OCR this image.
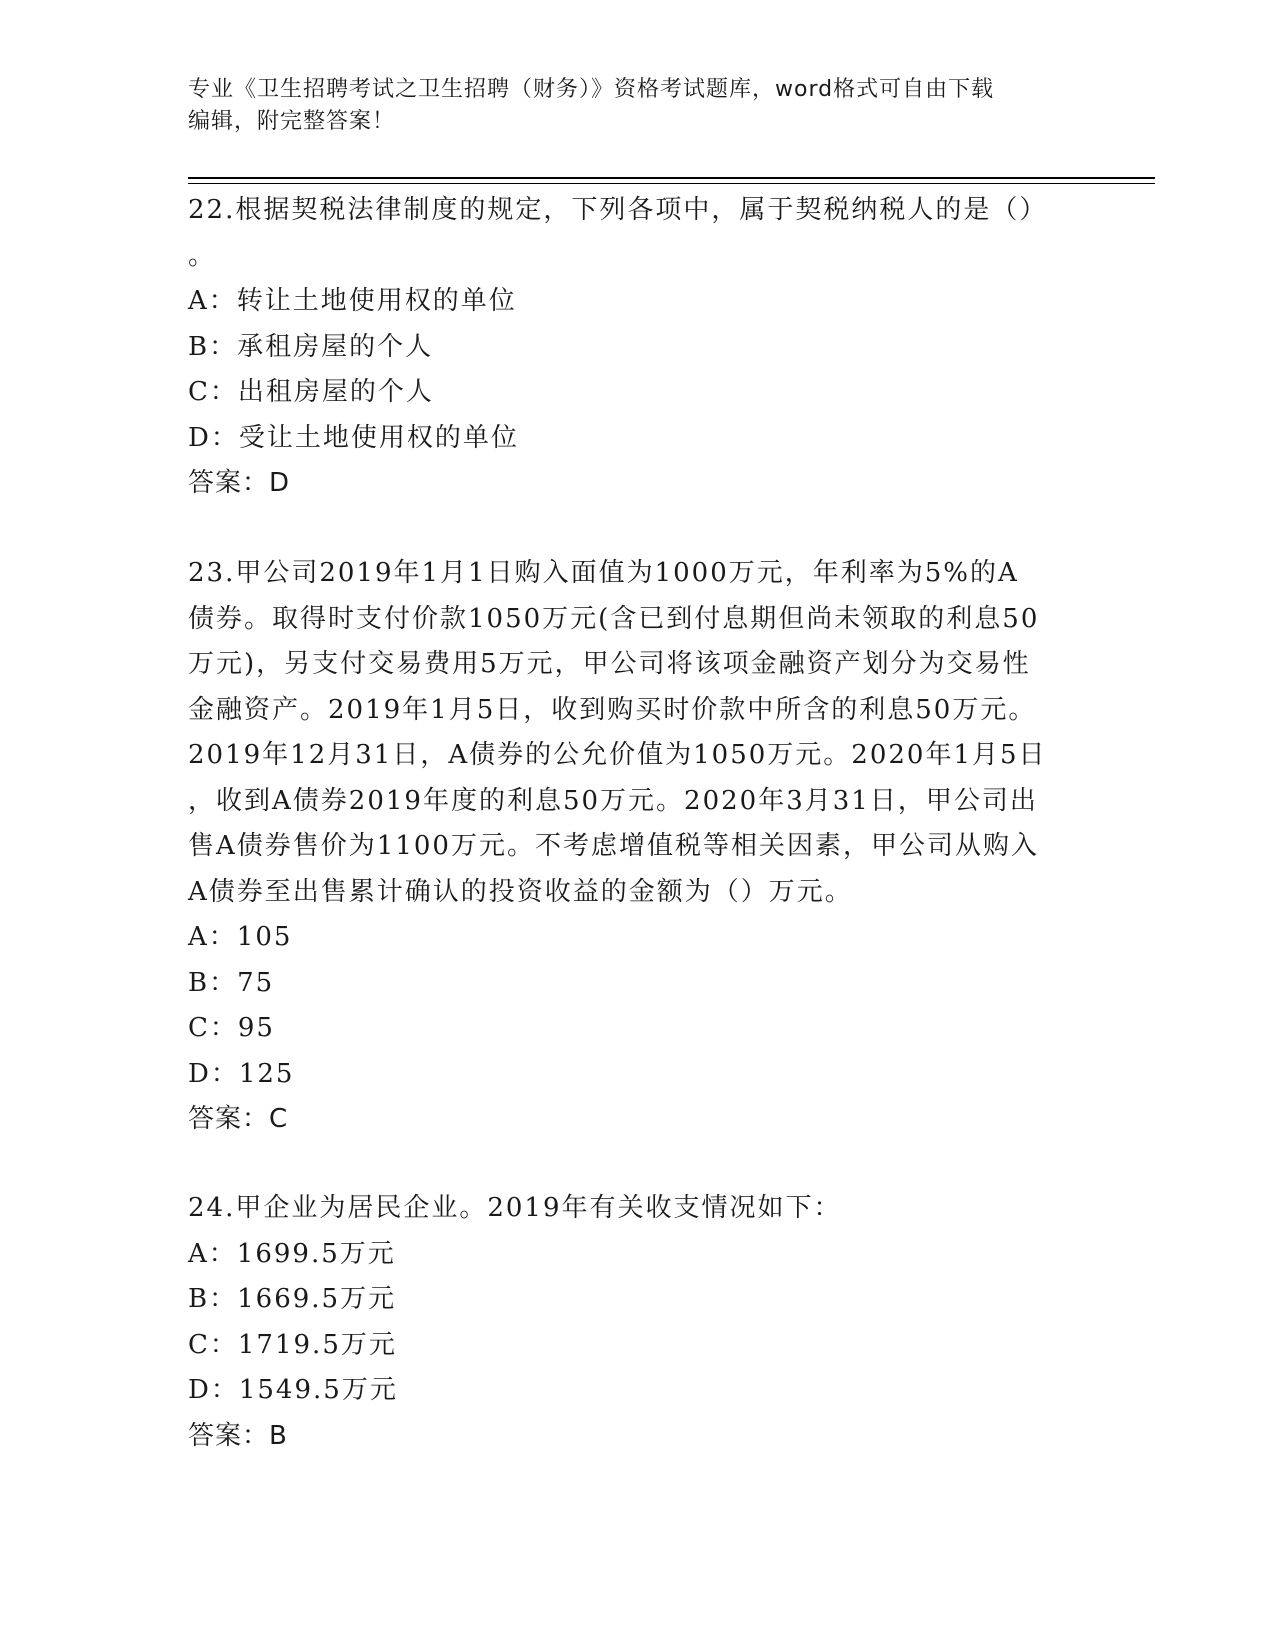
专业《卫生招聘考试之卫生招聘（财务）》资格考试题库，word格式可自由下载
编辑，附完整答案！
22.根据契税法律制度的规定，下列各项中，属于契税纳税人的是（）
。
A：转让土地使用权的单位
B：承租房屋的个人
C：出租房屋的个人
D：受让土地使用权的单位
答案：D
23.甲公司2019年1月1日购入面值为1000万元，年利率为5%的A
债券。取得时支付价款1050万元(含已到付息期但尚未领取的利息50
万元)，另支付交易费用5万元，甲公司将该项金融资产划分为交易性
金融资产。2019年1月5日，收到购买时价款中所含的利息50万元。
2019年12月31日，A债券的公允价值为1050万元。2020年1月5日
，收到A债券2019年度的利息50万元。2020年3月31日，甲公司出
售A债券售价为1100万元。不考虑增值税等相关因素，甲公司从购入
A债券至出售累计确认的投资收益的金额为（）万元。
A：105
B：75
C：95
D：125
答案：C
24.甲企业为居民企业。2019年有关收支情况如下：
A：1699.5万元
B：1669.5万元
C：1719.5万元
D：1549.5万元
答案：B
